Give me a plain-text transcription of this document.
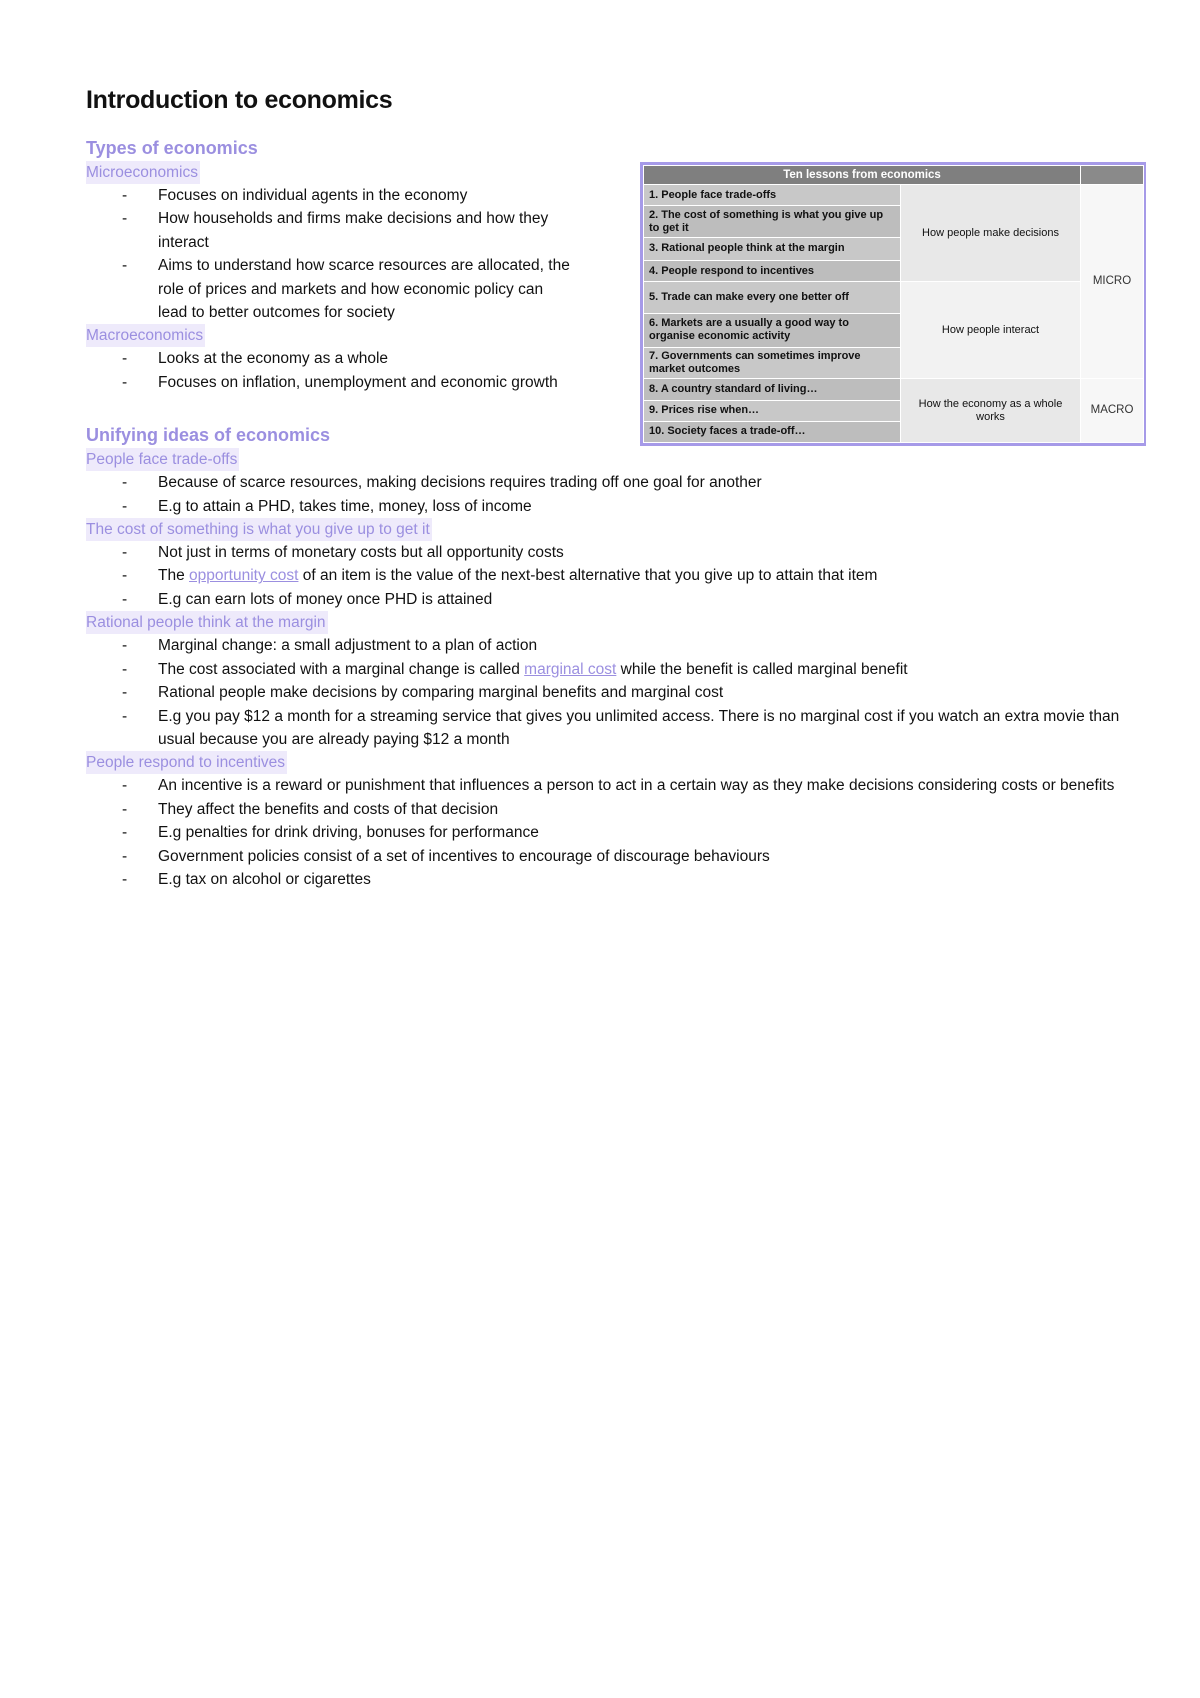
Introduction to economics
Types of economics
Microeconomics
- Focuses on individual agents in the economy
- How households and firms make decisions and how they interact
- Aims to understand how scarce resources are allocated, the role of prices and markets and how economic policy can lead to better outcomes for society
Macroeconomics
- Looks at the economy as a whole
- Focuses on inflation, unemployment and economic growth
Unifying ideas of economics
People face trade-offs
- Because of scarce resources, making decisions requires trading off one goal for another
- E.g to attain a PHD, takes time, money, loss of income
The cost of something is what you give up to get it
- Not just in terms of monetary costs but all opportunity costs
- The opportunity cost of an item is the value of the next-best alternative that you give up to attain that item
- E.g can earn lots of money once PHD is attained
Rational people think at the margin
- Marginal change: a small adjustment to a plan of action
- The cost associated with a marginal change is called marginal cost while the benefit is called marginal benefit
- Rational people make decisions by comparing marginal benefits and marginal cost
- E.g you pay $12 a month for a streaming service that gives you unlimited access. There is no marginal cost if you watch an extra movie than usual because you are already paying $12 a month
People respond to incentives
- An incentive is a reward or punishment that influences a person to act in a certain way as they make decisions considering costs or benefits
- They affect the benefits and costs of that decision
- E.g penalties for drink driving, bonuses for performance
- Government policies consist of a set of incentives to encourage of discourage behaviours
- E.g tax on alcohol or cigarettes
Ten lessons from economics		
1. People face trade-offs	How people make decisions	MICRO
2. The cost of something is what you give up to get it		
3. Rational people think at the margin		
4. People respond to incentives		
5. Trade can make every one better off	How people interact	
6. Markets are a usually a good way to organise economic activity		
7. Governments can sometimes improve market outcomes		
8. A country standard of living…	How the economy as a whole works	MACRO
9. Prices rise when…		
10. Society faces a trade-off…		
